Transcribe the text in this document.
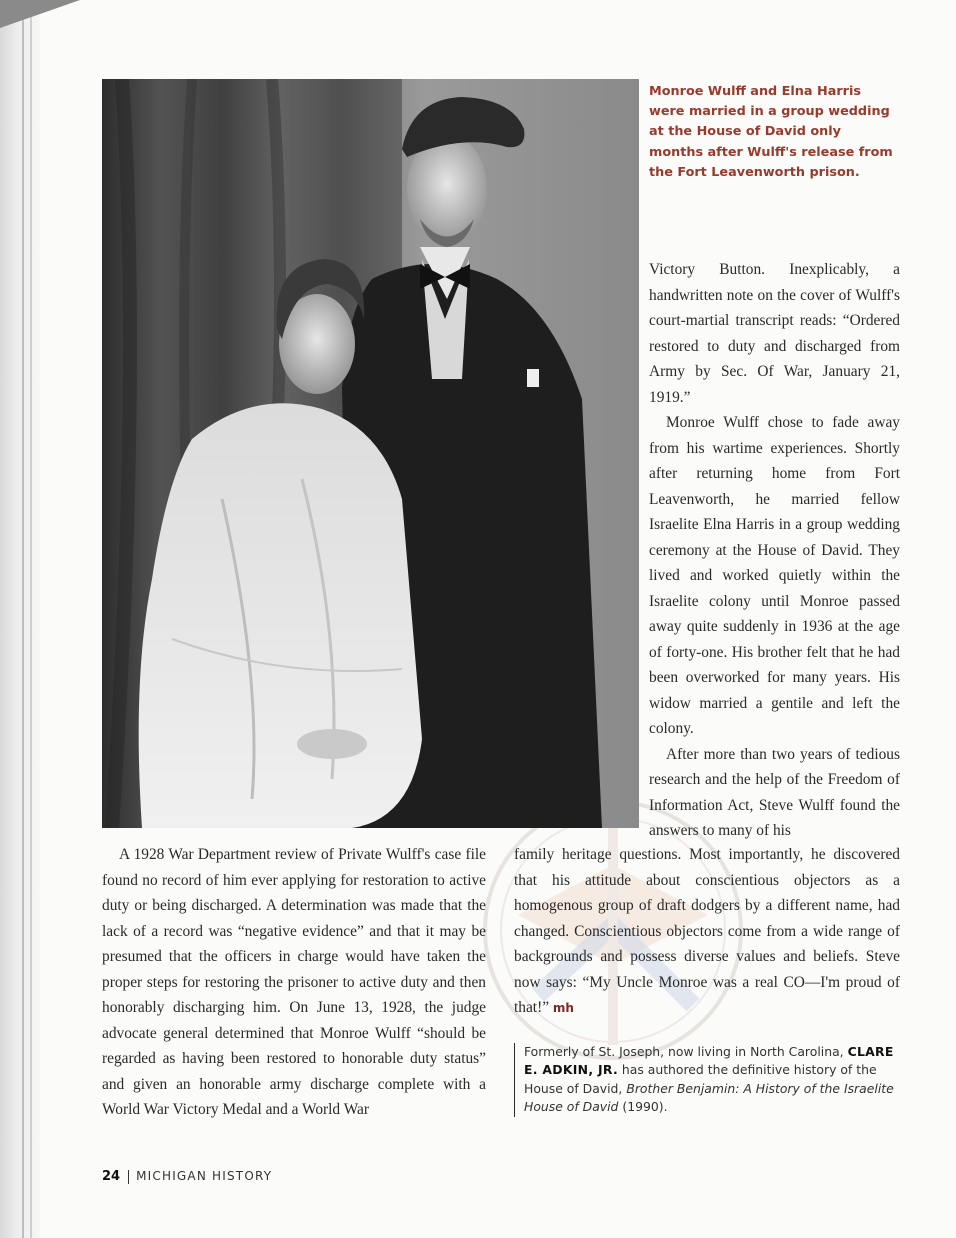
Monroe Wulff and Elna Harris were married in a group wedding at the House of David only months after Wulff's release from the Fort Leavenworth prison.

Victory Button. Inexplicably, a handwritten note on the cover of Wulff's court-martial transcript reads: “Ordered restored to duty and discharged from Army by Sec. Of War, January 21, 1919.”

Monroe Wulff chose to fade away from his wartime experiences. Shortly after returning home from Fort Leavenworth, he married fellow Israelite Elna Harris in a group wedding ceremony at the House of David. They lived and worked quietly within the Israelite colony until Monroe passed away quite suddenly in 1936 at the age of forty-one. His brother felt that he had been overworked for many years. His widow married a gentile and left the colony.

After more than two years of tedious research and the help of the Freedom of Information Act, Steve Wulff found the answers to many of his

A 1928 War Department review of Private Wulff's case file found no record of him ever applying for restoration to active duty or being discharged. A determination was made that the lack of a record was “negative evidence” and that it may be presumed that the officers in charge would have taken the proper steps for restoring the prisoner to active duty and then honorably discharging him. On June 13, 1928, the judge advocate general determined that Monroe Wulff “should be regarded as having been restored to honorable duty status” and given an honorable army discharge complete with a World War Victory Medal and a World War

family heritage questions. Most importantly, he discovered that his attitude about conscientious objectors as a homogenous group of draft dodgers by a different name, had changed. Conscientious objectors come from a wide range of backgrounds and possess diverse values and beliefs. Steve now says: “My Uncle Monroe was a real CO—I'm proud of that!” mh

Formerly of St. Joseph, now living in North Carolina, CLARE E. ADKIN, JR. has authored the definitive history of the House of David, Brother Benjamin: A History of the Israelite House of David (1990).
24 MICHIGAN HISTORY
